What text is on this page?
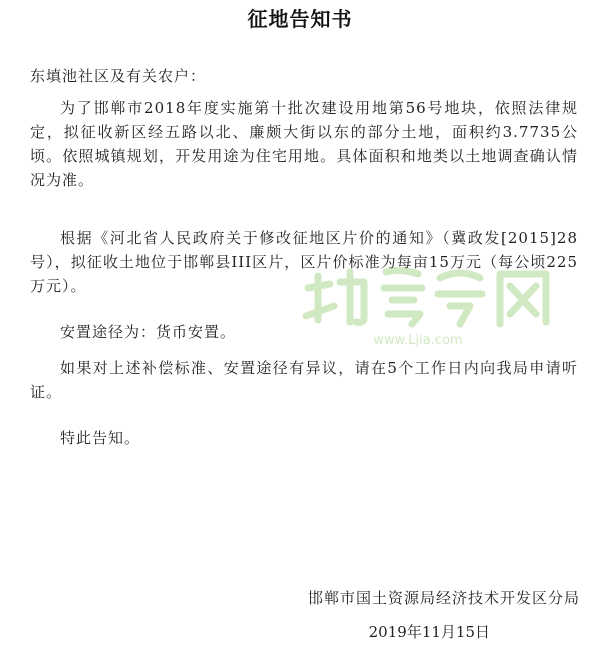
征地告知书
东填池社区及有关农户：
为了邯郸市2018年度实施第十批次建设用地第56号地块，依照法律规定，拟征收新区经五路以北、廉颇大街以东的部分土地，面积约3.7735公顷。依照城镇规划，开发用途为住宅用地。具体面积和地类以土地调查确认情况为准。
根据《河北省人民政府关于修改征地区片价的通知》（冀政发[2015]28号），拟征收土地位于邯郸县III区片，区片价标准为每亩15万元（每公顷225万元）。
安置途径为：货币安置。
如果对上述补偿标准、安置途径有异议，请在5个工作日内向我局申请听证。
特此告知。
邯郸市国土资源局经济技术开发区分局
2019年11月15日
www.Ljia.com
